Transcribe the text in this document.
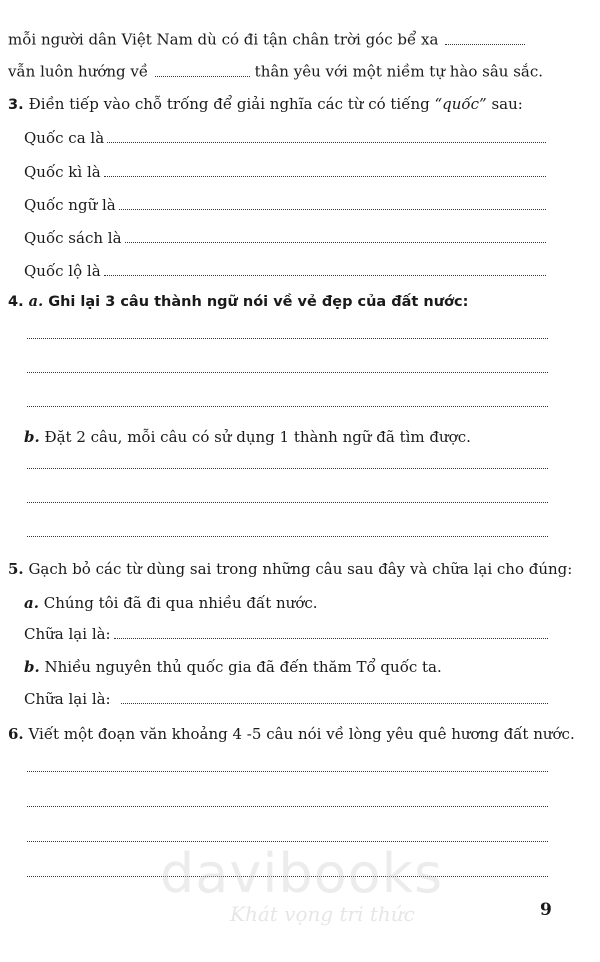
mỗi người dân Việt Nam dù có đi tận chân trời góc bể xa
vẫn luôn hướng về	thân yêu với một niềm tự hào sâu sắc.
3. Điền tiếp vào chỗ trống để giải nghĩa các từ có tiếng “quốc” sau:
Quốc ca là
Quốc kì là
Quốc ngữ là
Quốc sách là
Quốc lộ là
4. a. Ghi lại 3 câu thành ngữ nói về vẻ đẹp của đất nước:
b. Đặt 2 câu, mỗi câu có sử dụng 1 thành ngữ đã tìm được.
5. Gạch bỏ các từ dùng sai trong những câu sau đây và chữa lại cho đúng:
a. Chúng tôi đã đi qua nhiều đất nước.
Chữa lại là:
b. Nhiều nguyên thủ quốc gia đã đến thăm Tổ quốc ta.
Chữa lại là:
6. Viết một đoạn văn khoảng 4 -5 câu nói về lòng yêu quê hương đất nước.
davibooks
Khát vọng tri thức	9
